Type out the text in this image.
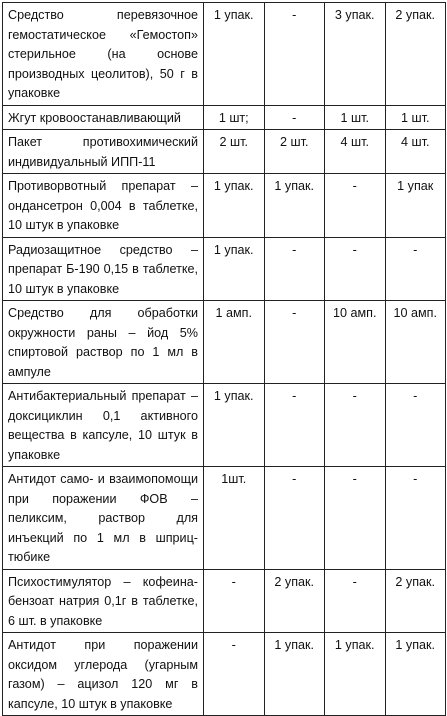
Средство перевязочное гемостатическое «Гемостоп» стерильное (на основе производных цеолитов), 50 г в упаковке	1 упак.	-	3 упак.	2 упак.
Жгут кровоостанавливающий	1 шт;	-	1 шт.	1 шт.
Пакет противохимический индивидуальный ИПП-11	2 шт.	2 шт.	4 шт.	4 шт.
Противорвотный препарат – ондансетрон 0,004 в таблетке, 10 штук в упаковке	1 упак.	1 упак.	-	1 упак
Радиозащитное средство – препарат Б-190 0,15 в таблетке, 10 штук в упаковке	1 упак.	-	-	-
Средство для обработки окружности раны – йод 5% спиртовой раствор по 1 мл в ампуле	1 амп.	-	10 амп.	10 амп.
Антибактериальный препарат – доксициклин 0,1 активного вещества в капсуле, 10 штук в упаковке	1 упак.	-	-	-
Антидот само- и взаимопомощи при поражении ФОВ – пеликсим, раствор для инъекций по 1 мл в шприц-тюбике	1шт.	-	-	-
Психостимулятор – кофеина-бензоат натрия 0,1г в таблетке, 6 шт. в упаковке	-	2 упак.	-	2 упак.
Антидот при поражении оксидом углерода (угарным газом) – ацизол 120 мг в капсуле, 10 штук в упаковке	-	1 упак.	1 упак.	1 упак.
